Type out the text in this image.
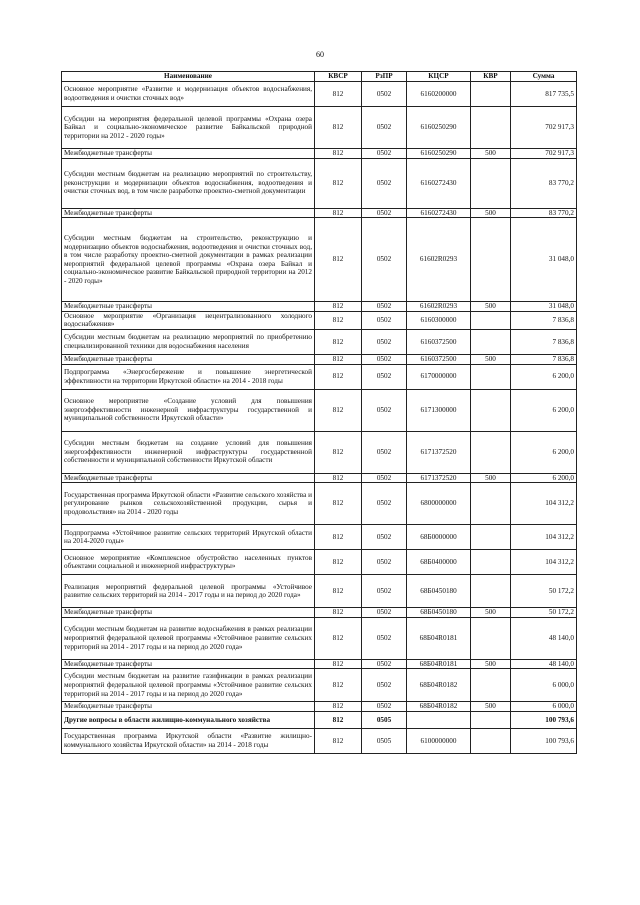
60
Наименование	КВСР	РзПР	КЦСР	КВР	Сумма
Основное мероприятие «Развитие и модернизация объектов водоснабжения, водоотведения и очистки сточных вод»	812	0502	6160200000		817 735,5
Субсидии на мероприятия федеральной целевой программы «Охрана озера Байкал и социально-экономическое развитие Байкальской природной территории на 2012 - 2020 годы»	812	0502	6160250290		702 917,3
Межбюджетные трансферты	812	0502	6160250290	500	702 917,3
Субсидии местным бюджетам на реализацию мероприятий по строительству, реконструкции и модернизации объектов водоснабжения, водоотведения и очистки сточных вод, в том числе разработке проектно-сметной документации	812	0502	6160272430		83 770,2
Межбюджетные трансферты	812	0502	6160272430	500	83 770,2
Субсидии местным бюджетам на строительство, реконструкцию и модернизацию объектов водоснабжения, водоотведения и очистки сточных вод, в том числе разработку проектно-сметной документации в рамках реализации мероприятий федеральной целевой программы «Охрана озера Байкал и социально-экономическое развитие Байкальской природной территории на 2012 - 2020 годы»	812	0502	61602R0293		31 048,0
Межбюджетные трансферты	812	0502	61602R0293	500	31 048,0
Основное мероприятие «Организация нецентрализованного холодного водоснабжения»	812	0502	6160300000		7 836,8
Субсидии местным бюджетам на реализацию мероприятий по приобретению специализированной техники для водоснабжения населения	812	0502	6160372500		7 836,8
Межбюджетные трансферты	812	0502	6160372500	500	7 836,8
Подпрограмма «Энергосбережение и повышение энергетической эффективности на территории Иркутской области» на 2014 - 2018 годы	812	0502	6170000000		6 200,0
Основное мероприятие «Создание условий для повышения энергоэффективности инженерной инфраструктуры государственной и муниципальной собственности Иркутской области»	812	0502	6171300000		6 200,0
Субсидии местным бюджетам на создание условий для повышения энергоэффективности инженерной инфраструктуры государственной собственности и муниципальной собственности Иркутской области	812	0502	6171372520		6 200,0
Межбюджетные трансферты	812	0502	6171372520	500	6 200,0
Государственная программа Иркутской области «Развитие сельского хозяйства и регулирование рынков сельскохозяйственной продукции, сырья и продовольствия» на 2014 - 2020 годы	812	0502	6800000000		104 312,2
Подпрограмма «Устойчивое развитие сельских территорий Иркутской области на 2014-2020 годы»	812	0502	68Б0000000		104 312,2
Основное мероприятие «Комплексное обустройство населенных пунктов объектами социальной и инженерной инфраструктуры»	812	0502	68Б0400000		104 312,2
Реализация мероприятий федеральной целевой программы «Устойчивое развитие сельских территорий на 2014 - 2017 годы и на период до 2020 года»	812	0502	68Б0450180		50 172,2
Межбюджетные трансферты	812	0502	68Б0450180	500	50 172,2
Субсидии местным бюджетам на развитие водоснабжения в рамках реализации мероприятий федеральной целевой программы «Устойчивое развитие сельских территорий на 2014 - 2017 годы и на период до 2020 года»	812	0502	68Б04R0181		48 140,0
Межбюджетные трансферты	812	0502	68Б04R0181	500	48 140,0
Субсидии местным бюджетам на развитие газификации в рамках реализации мероприятий федеральной целевой программы «Устойчивое развитие сельских территорий на 2014 - 2017 годы и на период до 2020 года»	812	0502	68Б04R0182		6 000,0
Межбюджетные трансферты	812	0502	68Б04R0182	500	6 000,0
Другие вопросы в области жилищно-коммунального хозяйства	812	0505			100 793,6
Государственная программа Иркутской области «Развитие жилищно-коммунального хозяйства Иркутской области» на 2014 - 2018 годы	812	0505	6100000000		100 793,6
